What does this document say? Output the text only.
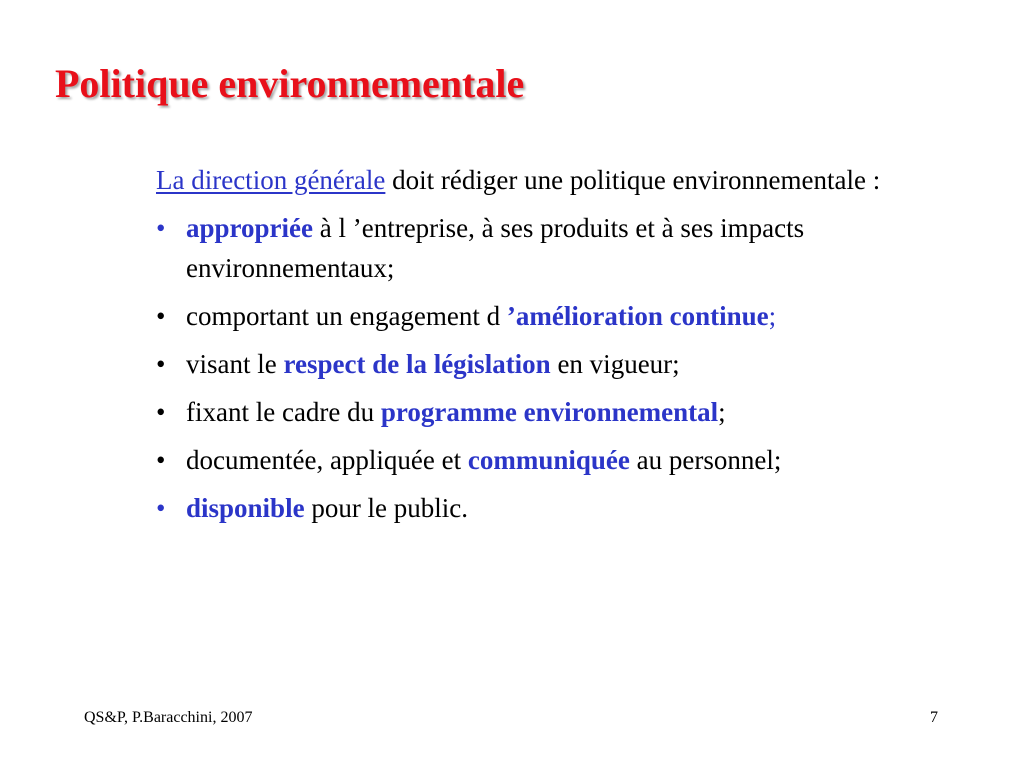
Politique environnementale

La direction générale doit rédiger une politique environnementale :

• appropriée à l ’entreprise, à ses produits et à ses impacts environnementaux;
• comportant un engagement d ’amélioration continue;
• visant le respect de la législation en vigueur;
• fixant le cadre du programme environnemental;
• documentée, appliquée et communiquée au personnel;
• disponible pour le public.
QS&P, P.Baracchini, 2007	7
